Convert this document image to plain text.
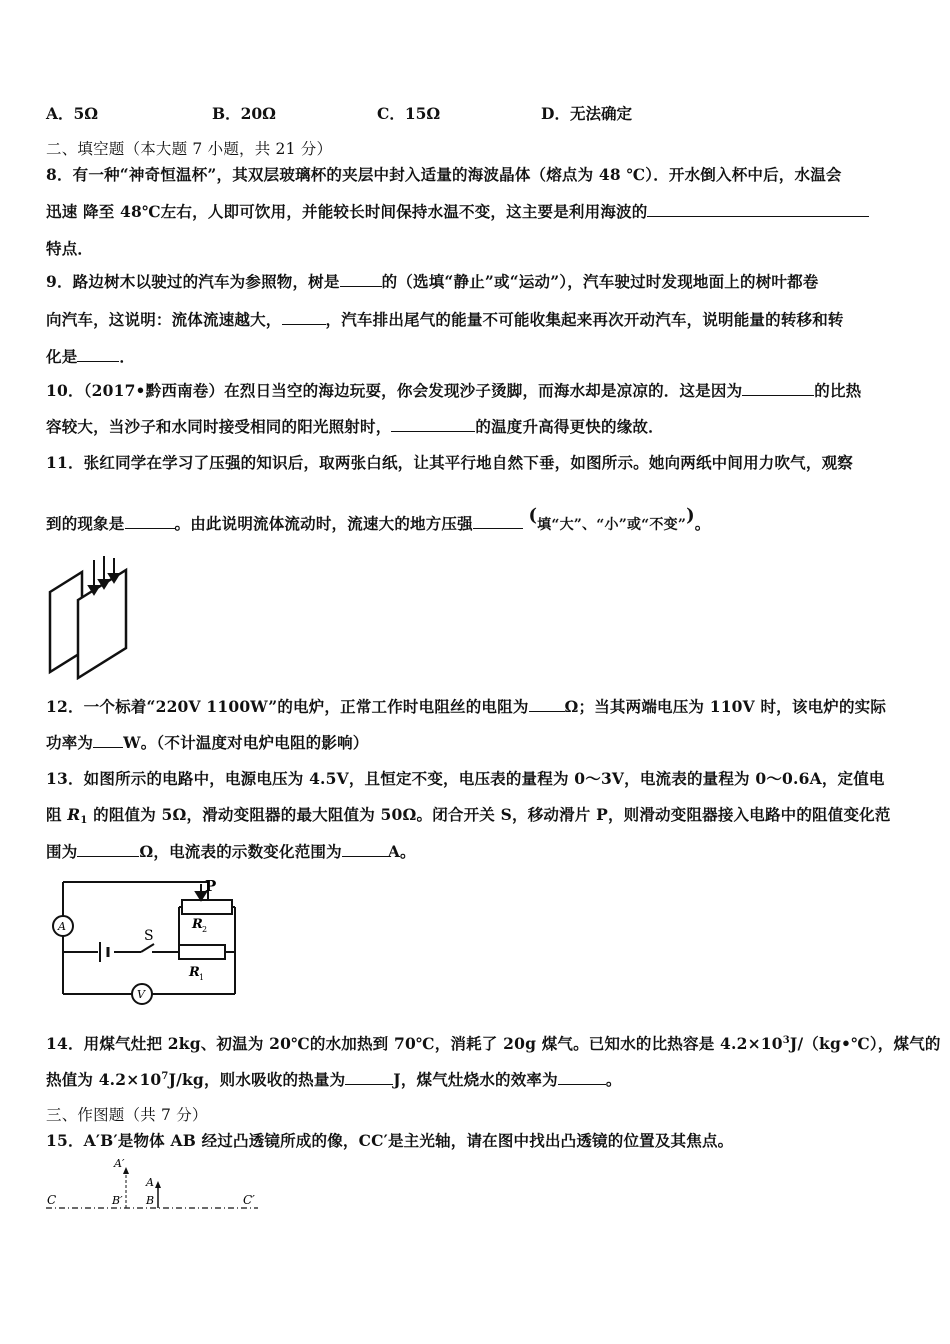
A．5Ω	B．20Ω	C．15Ω	D．无法确定
二、填空题（本大题 7 小题，共 21 分）
8．有一种“神奇恒温杯”，其双层玻璃杯的夹层中封入适量的海波晶体（熔点为 48 ℃）．开水倒入杯中后，水温会
迅速 降至 48℃左右，人即可饮用，并能较长时间保持水温不变，这主要是利用海波的
特点．
9．路边树木以驶过的汽车为参照物，树是	的（选填“静止”或“运动”），汽车驶过时发现地面上的树叶都卷
向汽车，这说明：流体流速越大，	，汽车排出尾气的能量不可能收集起来再次开动汽车，说明能量的转移和转
化是	．
10．（2017•黔西南卷）在烈日当空的海边玩耍，你会发现沙子烫脚，而海水却是凉凉的．这是因为	的比热
容较大，当沙子和水同时接受相同的阳光照射时，	的温度升高得更快的缘故．
11．张红同学在学习了压强的知识后，取两张白纸，让其平行地自然下垂，如图所示。她向两纸中间用力吹气，观察
到的现象是	。由此说明流体流动时，流速大的地方压强	(填“大”、“小”或“不变”)。
12．一个标着“220V 1100W”的电炉，正常工作时电阻丝的电阻为 Ω；当其两端电压为 110V 时，该电炉的实际
功率为 W。（不计温度对电炉电阻的影响）
13．如图所示的电路中，电源电压为 4.5V，且恒定不变，电压表的量程为 0～3V，电流表的量程为 0～0.6A，定值电
阻 $R_1$ 的阻值为 5Ω，滑动变阻器的最大阻值为 50Ω。闭合开关 S，移动滑片 P，则滑动变阻器接入电路中的阻值变化范
围为	Ω，电流表的示数变化范围为	A。
P
R 2
S
R 1
A
V
14．用煤气灶把 2kg、初温为 20℃的水加热到 70℃，消耗了 20g 煤气。已知水的比热容是 $4.2\times 10^3J/(kg•℃)$，煤气的
热值为 $4.2\times 10^7J/kg$，则水吸收的热量为	J，煤气灶烧水的效率为	。
三、作图题（共 7 分）
15．A′B′是物体 AB 经过凸透镜所成的像，CC′是主光轴，请在图中找出凸透镜的位置及其焦点。
A′
B′
A
B
C	C′
